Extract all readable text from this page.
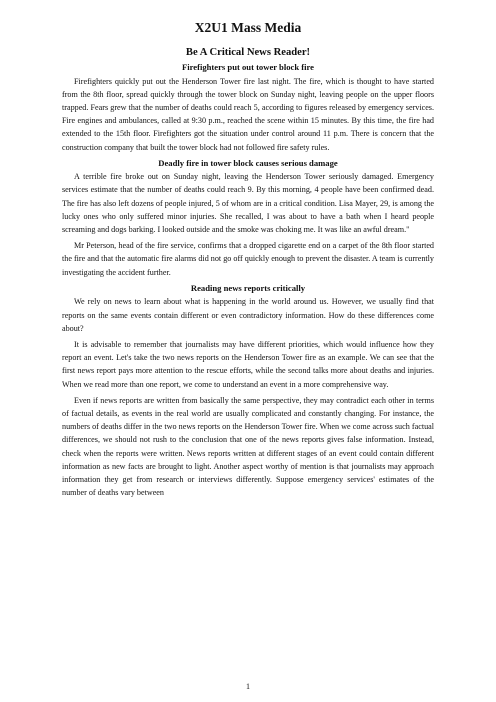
X2U1 Mass Media
Be A Critical News Reader!
Firefighters put out tower block fire

Firefighters quickly put out the Henderson Tower fire last night. The fire, which is thought to have started from the 8th floor, spread quickly through the tower block on Sunday night, leaving people on the upper floors trapped. Fears grew that the number of deaths could reach 5, according to figures released by emergency services. Fire engines and ambulances, called at 9:30 p.m., reached the scene within 15 minutes. By this time, the fire had extended to the 15th floor. Firefighters got the situation under control around 11 p.m. There is concern that the construction company that built the tower block had not followed fire safety rules.

Deadly fire in tower block causes serious damage

A terrible fire broke out on Sunday night, leaving the Henderson Tower seriously damaged. Emergency services estimate that the number of deaths could reach 9. By this morning, 4 people have been confirmed dead. The fire has also left dozens of people injured, 5 of whom are in a critical condition. Lisa Mayer, 29, is among the lucky ones who only suffered minor injuries. She recalled, I was about to have a bath when I heard people screaming and dogs barking. I looked outside and the smoke was choking me. It was like an awful dream."

Mr Peterson, head of the fire service, confirms that a dropped cigarette end on a carpet of the 8th floor started the fire and that the automatic fire alarms did not go off quickly enough to prevent the disaster. A team is currently investigating the accident further.

Reading news reports critically

We rely on news to learn about what is happening in the world around us. However, we usually find that reports on the same events contain different or even contradictory information. How do these differences come about?

It is advisable to remember that journalists may have different priorities, which would influence how they report an event. Let's take the two news reports on the Henderson Tower fire as an example. We can see that the first news report pays more attention to the rescue efforts, while the second talks more about deaths and injuries. When we read more than one report, we come to understand an event in a more comprehensive way.

Even if news reports are written from basically the same perspective, they may contradict each other in terms of factual details, as events in the real world are usually complicated and constantly changing. For instance, the numbers of deaths differ in the two news reports on the Henderson Tower fire. When we come across such factual differences, we should not rush to the conclusion that one of the news reports gives false information. Instead, check when the reports were written. News reports written at different stages of an event could contain different information as new facts are brought to light. Another aspect worthy of mention is that journalists may approach information they get from research or interviews differently. Suppose emergency services' estimates of the number of deaths vary between

1
